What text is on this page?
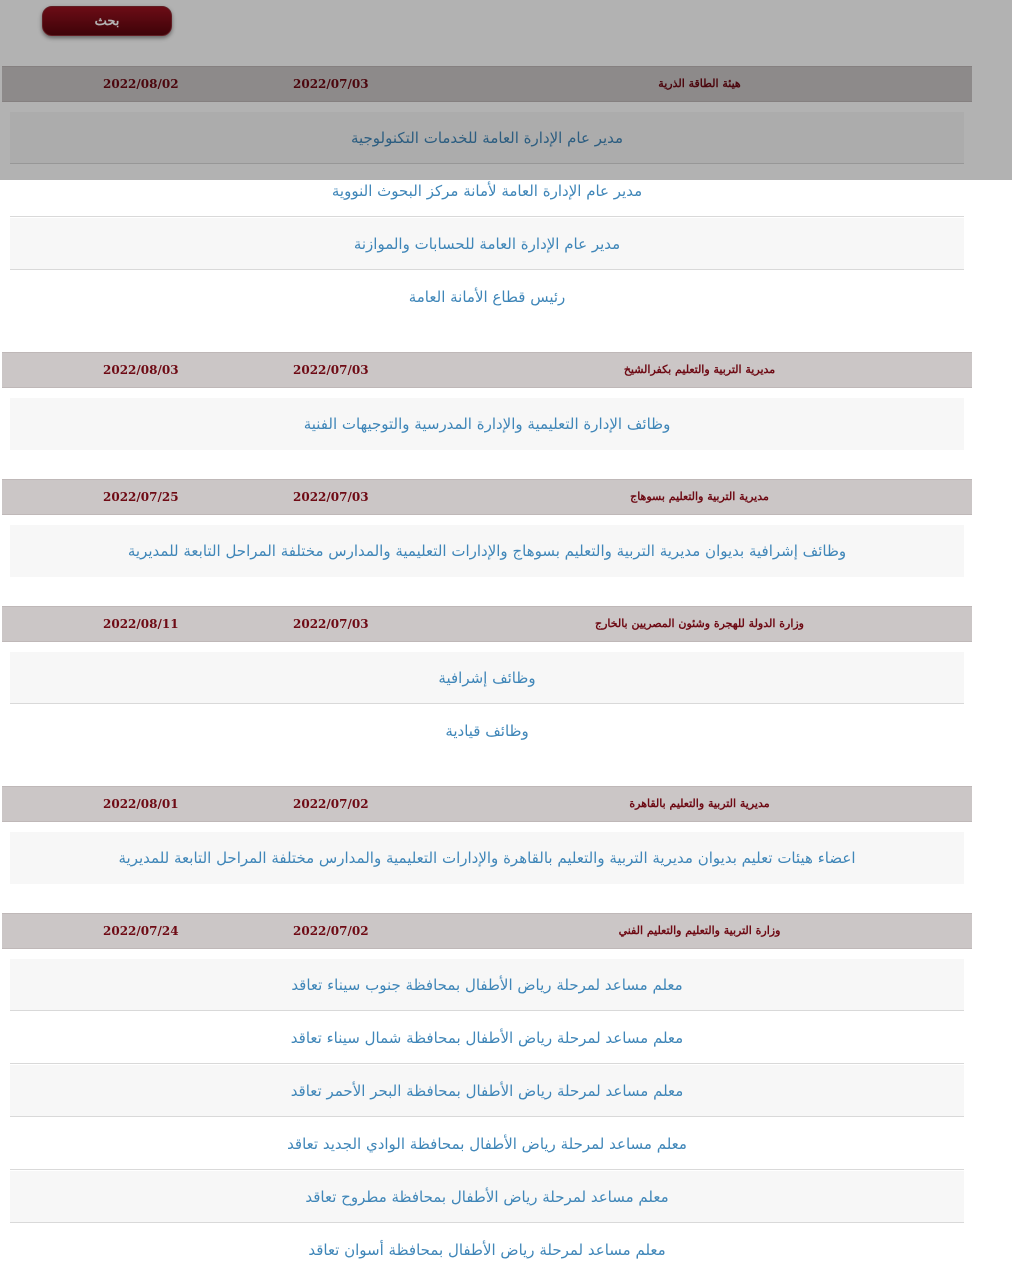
بحث
2022/08/02	2022/07/03	هيئة الطاقة الذرية
مدير عام الإدارة العامة للخدمات التكنولوجية
مدير عام الإدارة العامة لأمانة مركز البحوث النووية
مدير عام الإدارة العامة للحسابات والموازنة
رئيس قطاع الأمانة العامة
2022/08/03	2022/07/03	مديرية التربية والتعليم بكفرالشيخ
وظائف الإدارة التعليمية والإدارة المدرسية والتوجيهات الفنية
2022/07/25	2022/07/03	مديرية التربية والتعليم بسوهاج
وظائف إشرافية بديوان مديرية التربية والتعليم بسوهاج والإدارات التعليمية والمدارس مختلفة المراحل التابعة للمديرية
2022/08/11	2022/07/03	وزارة الدولة للهجرة وشئون المصريين بالخارج
وظائف إشرافية
وظائف قيادية
2022/08/01	2022/07/02	مديرية التربية والتعليم بالقاهرة
اعضاء هيئات تعليم بديوان مديرية التربية والتعليم بالقاهرة والإدارات التعليمية والمدارس مختلفة المراحل التابعة للمديرية
2022/07/24	2022/07/02	وزارة التربية والتعليم والتعليم الفني
معلم مساعد لمرحلة رياض الأطفال بمحافظة جنوب سيناء تعاقد
معلم مساعد لمرحلة رياض الأطفال بمحافظة شمال سيناء تعاقد
معلم مساعد لمرحلة رياض الأطفال بمحافظة البحر الأحمر تعاقد
معلم مساعد لمرحلة رياض الأطفال بمحافظة الوادي الجديد تعاقد
معلم مساعد لمرحلة رياض الأطفال بمحافظة مطروح تعاقد
معلم مساعد لمرحلة رياض الأطفال بمحافظة أسوان تعاقد
